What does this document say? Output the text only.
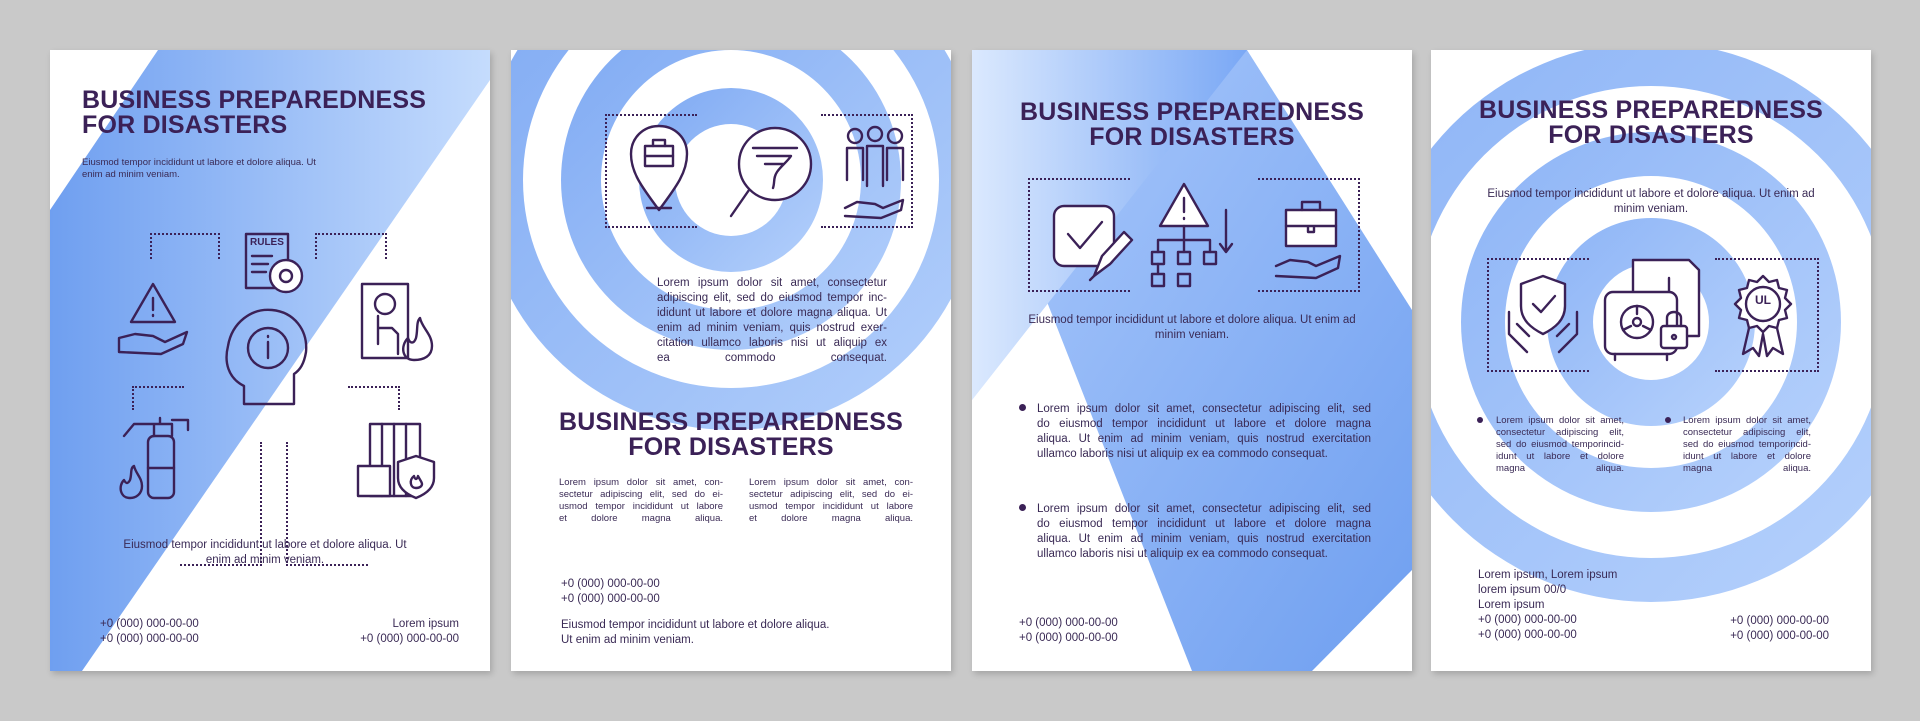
BUSINESS PREPAREDNESS
FOR DISASTERS
Eiusmod tempor incididunt ut labore et dolore aliqua. Ut
enim ad minim veniam.
RULES
Eiusmod tempor incididunt ut labore et dolore aliqua. Ut
enim ad minim veniam.
+0 (000) 000-00-00
+0 (000) 000-00-00
Lorem ipsum
+0 (000) 000-00-00
Lorem ipsum dolor sit amet, consectetur
adipiscing elit, sed do eiusmod tempor inc-
ididunt ut labore et dolore magna aliqua. Ut
enim ad minim veniam, quis nostrud exer-
citation ullamco laboris nisi ut aliquip ex
ea commodo consequat.
BUSINESS PREPAREDNESS
FOR DISASTERS
Lorem ipsum dolor sit amet, con-
sectetur adipiscing elit, sed do ei-
usmod tempor incididunt ut labore
et dolore magna aliqua.
Lorem ipsum dolor sit amet, con-
sectetur adipiscing elit, sed do ei-
usmod tempor incididunt ut labore
et dolore magna aliqua.
+0 (000) 000-00-00
+0 (000) 000-00-00
Eiusmod tempor incididunt ut labore et dolore aliqua.
Ut enim ad minim veniam.
BUSINESS PREPAREDNESS
FOR DISASTERS
Eiusmod tempor incididunt ut labore et dolore aliqua. Ut enim ad
minim veniam.
Lorem ipsum dolor sit amet, consectetur adipiscing elit, sed
do eiusmod tempor incididunt ut labore et dolore magna
aliqua. Ut enim ad minim veniam, quis nostrud exercitation
ullamco laboris nisi ut aliquip ex ea commodo consequat.
Lorem ipsum dolor sit amet, consectetur adipiscing elit, sed
do eiusmod tempor incididunt ut labore et dolore magna
aliqua. Ut enim ad minim veniam, quis nostrud exercitation
ullamco laboris nisi ut aliquip ex ea commodo consequat.
+0 (000) 000-00-00
+0 (000) 000-00-00
BUSINESS PREPAREDNESS
FOR DISASTERS
Eiusmod tempor incididunt ut labore et dolore aliqua. Ut enim ad
minim veniam.
UL
Lorem ipsum dolor sit amet,
consectetur adipiscing elit,
sed do eiusmod temporincid-
idunt ut labore et dolore
magna aliqua.
Lorem ipsum dolor sit amet,
consectetur adipiscing elit,
sed do eiusmod temporincid-
idunt ut labore et dolore
magna aliqua.
Lorem ipsum, Lorem ipsum
lorem ipsum 00/0
Lorem ipsum
+0 (000) 000-00-00
+0 (000) 000-00-00
+0 (000) 000-00-00
+0 (000) 000-00-00
